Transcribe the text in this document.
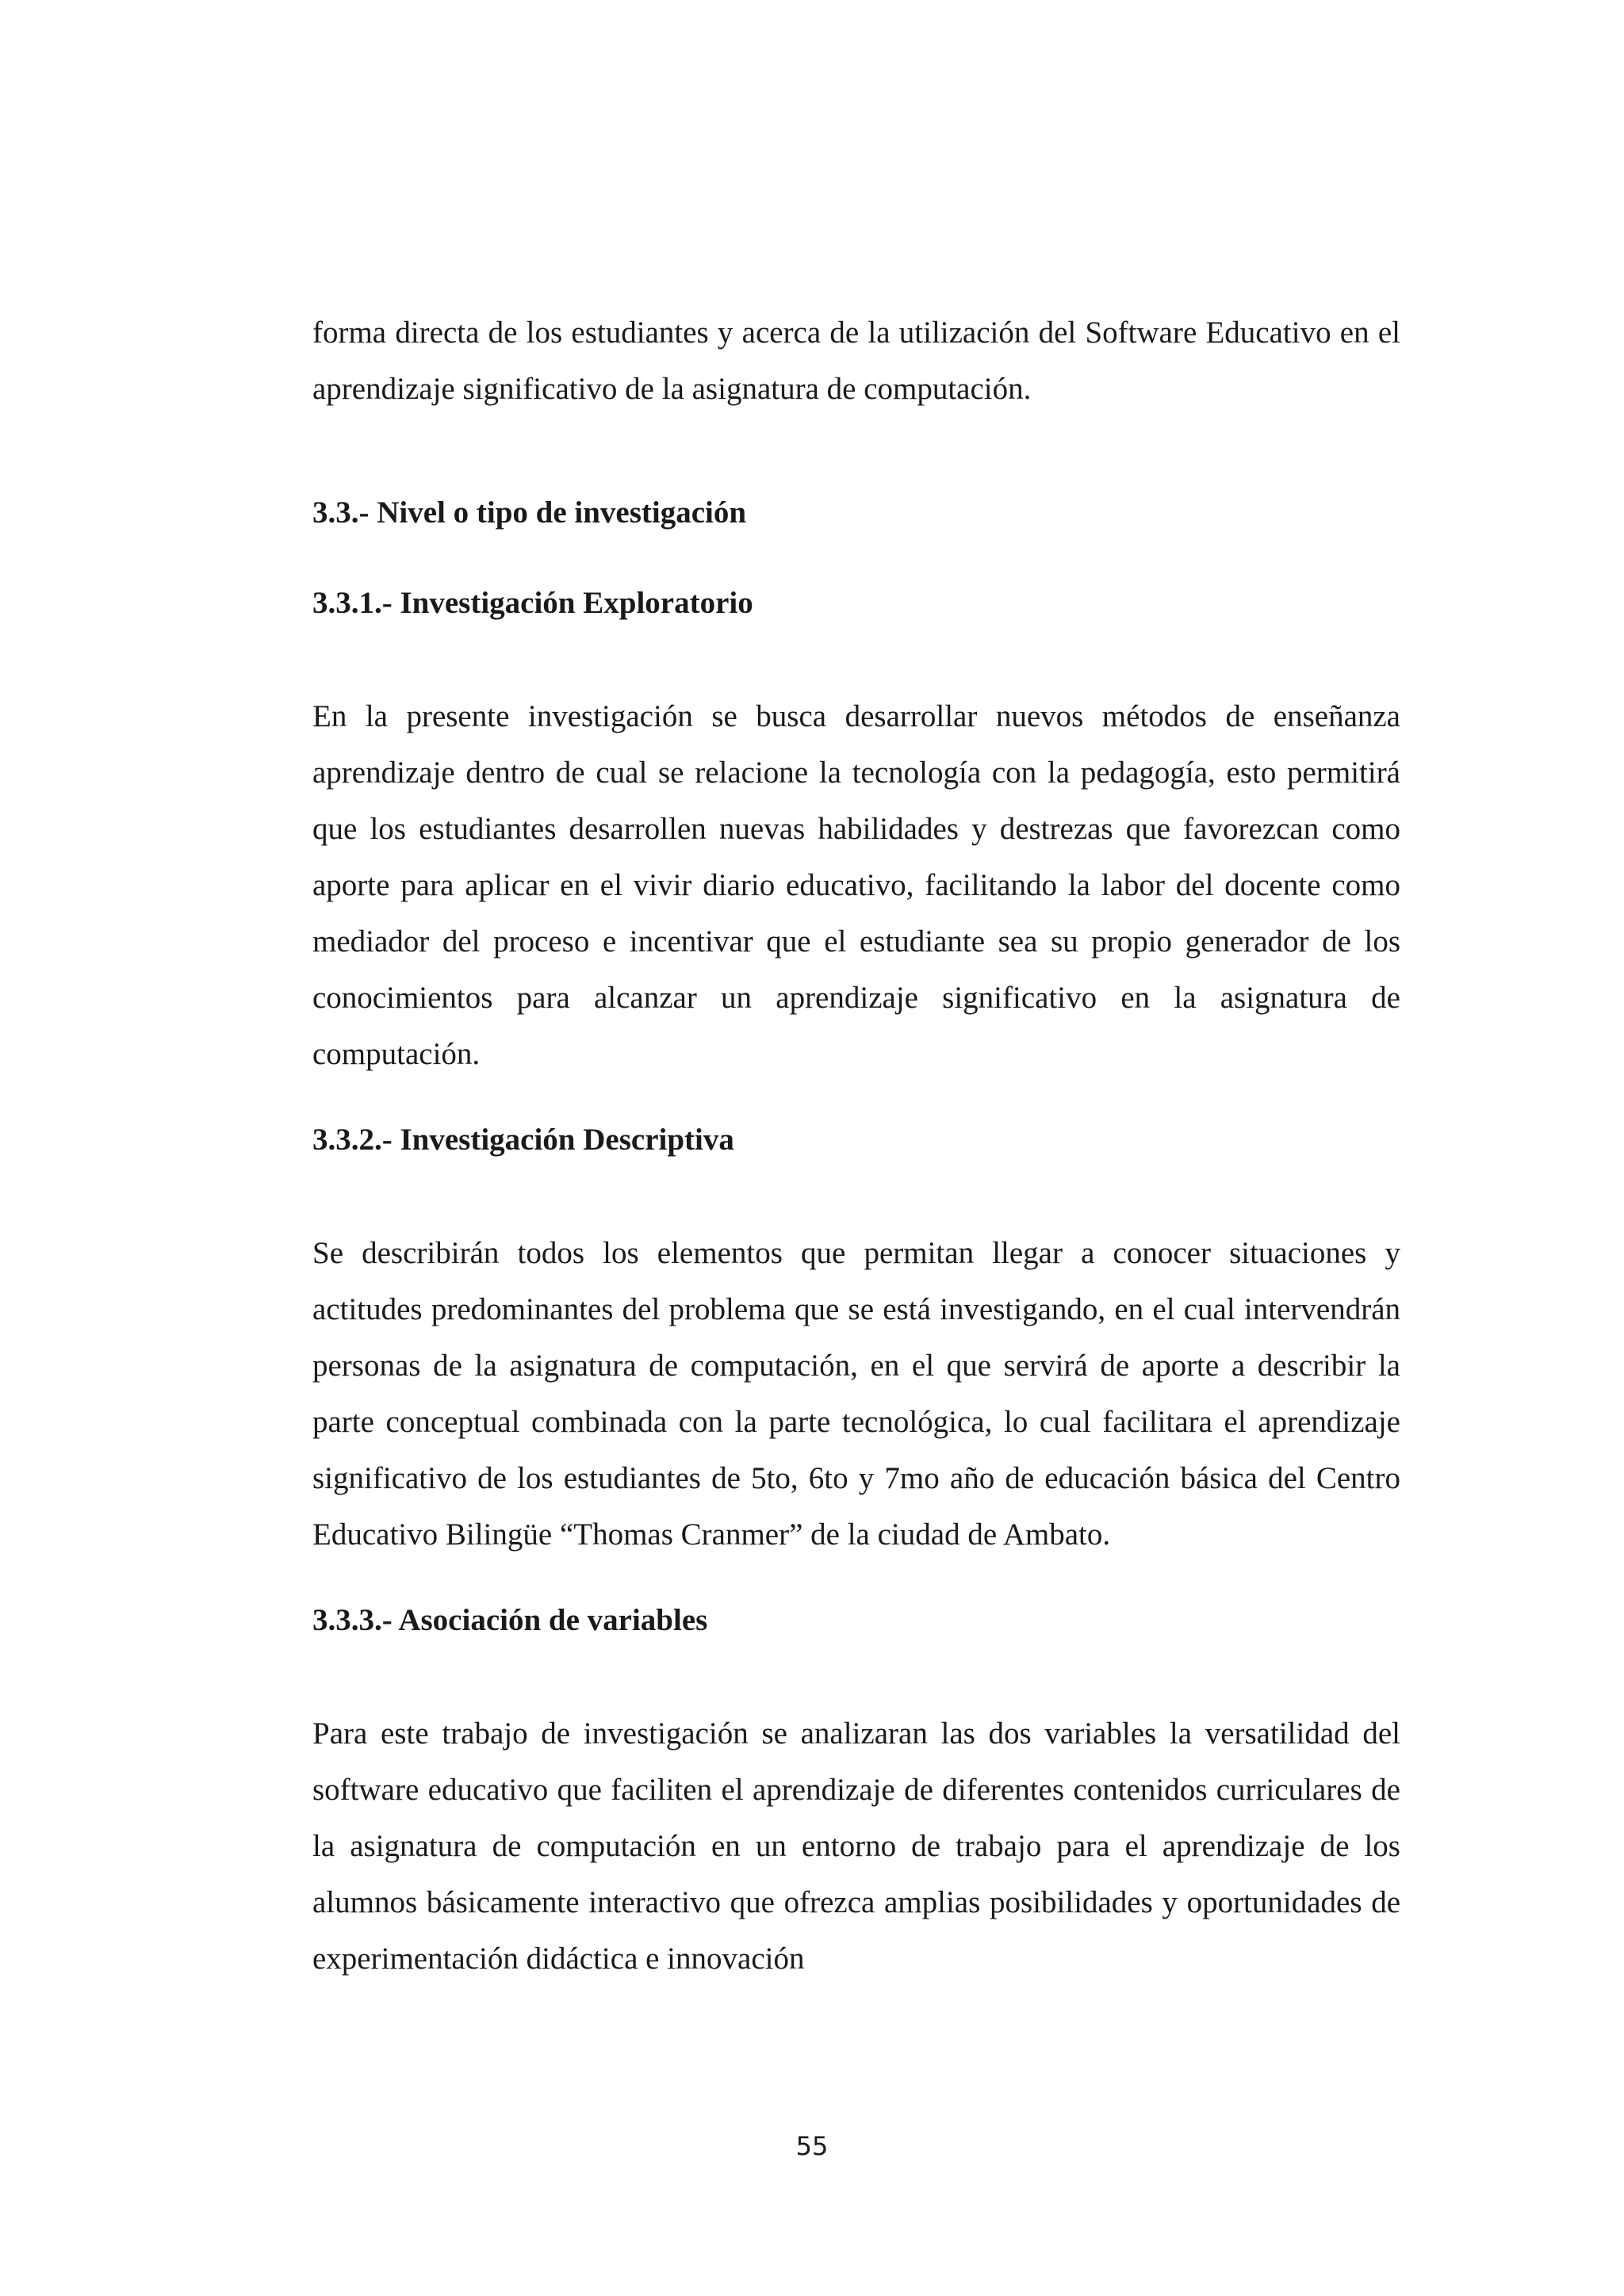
forma directa de los estudiantes y acerca de la utilización del Software Educativo en el aprendizaje significativo de la asignatura de computación.

3.3.- Nivel o tipo de investigación

3.3.1.- Investigación Exploratorio

En la presente investigación se busca desarrollar nuevos métodos de enseñanza aprendizaje dentro de cual se relacione la tecnología con la pedagogía, esto permitirá que los estudiantes desarrollen nuevas habilidades y destrezas que favorezcan como aporte para aplicar en el vivir diario educativo, facilitando la labor del docente como mediador del proceso e incentivar que el estudiante sea su propio generador de los conocimientos para alcanzar un aprendizaje significativo en la asignatura de computación.

3.3.2.- Investigación Descriptiva

Se describirán todos los elementos que permitan llegar a conocer situaciones y actitudes predominantes del problema que se está investigando, en el cual intervendrán personas de la asignatura de computación, en el que servirá de aporte a describir la parte conceptual combinada con la parte tecnológica, lo cual facilitara el aprendizaje significativo de los estudiantes de 5to, 6to y 7mo año de educación básica del Centro Educativo Bilingüe “Thomas Cranmer” de la ciudad de Ambato.

3.3.3.- Asociación de variables

Para este trabajo de investigación se analizaran las dos variables la versatilidad del software educativo que faciliten el aprendizaje de diferentes contenidos curriculares de la asignatura de computación en un entorno de trabajo para el aprendizaje de los alumnos básicamente interactivo que ofrezca amplias posibilidades y oportunidades de experimentación didáctica e innovación

55
